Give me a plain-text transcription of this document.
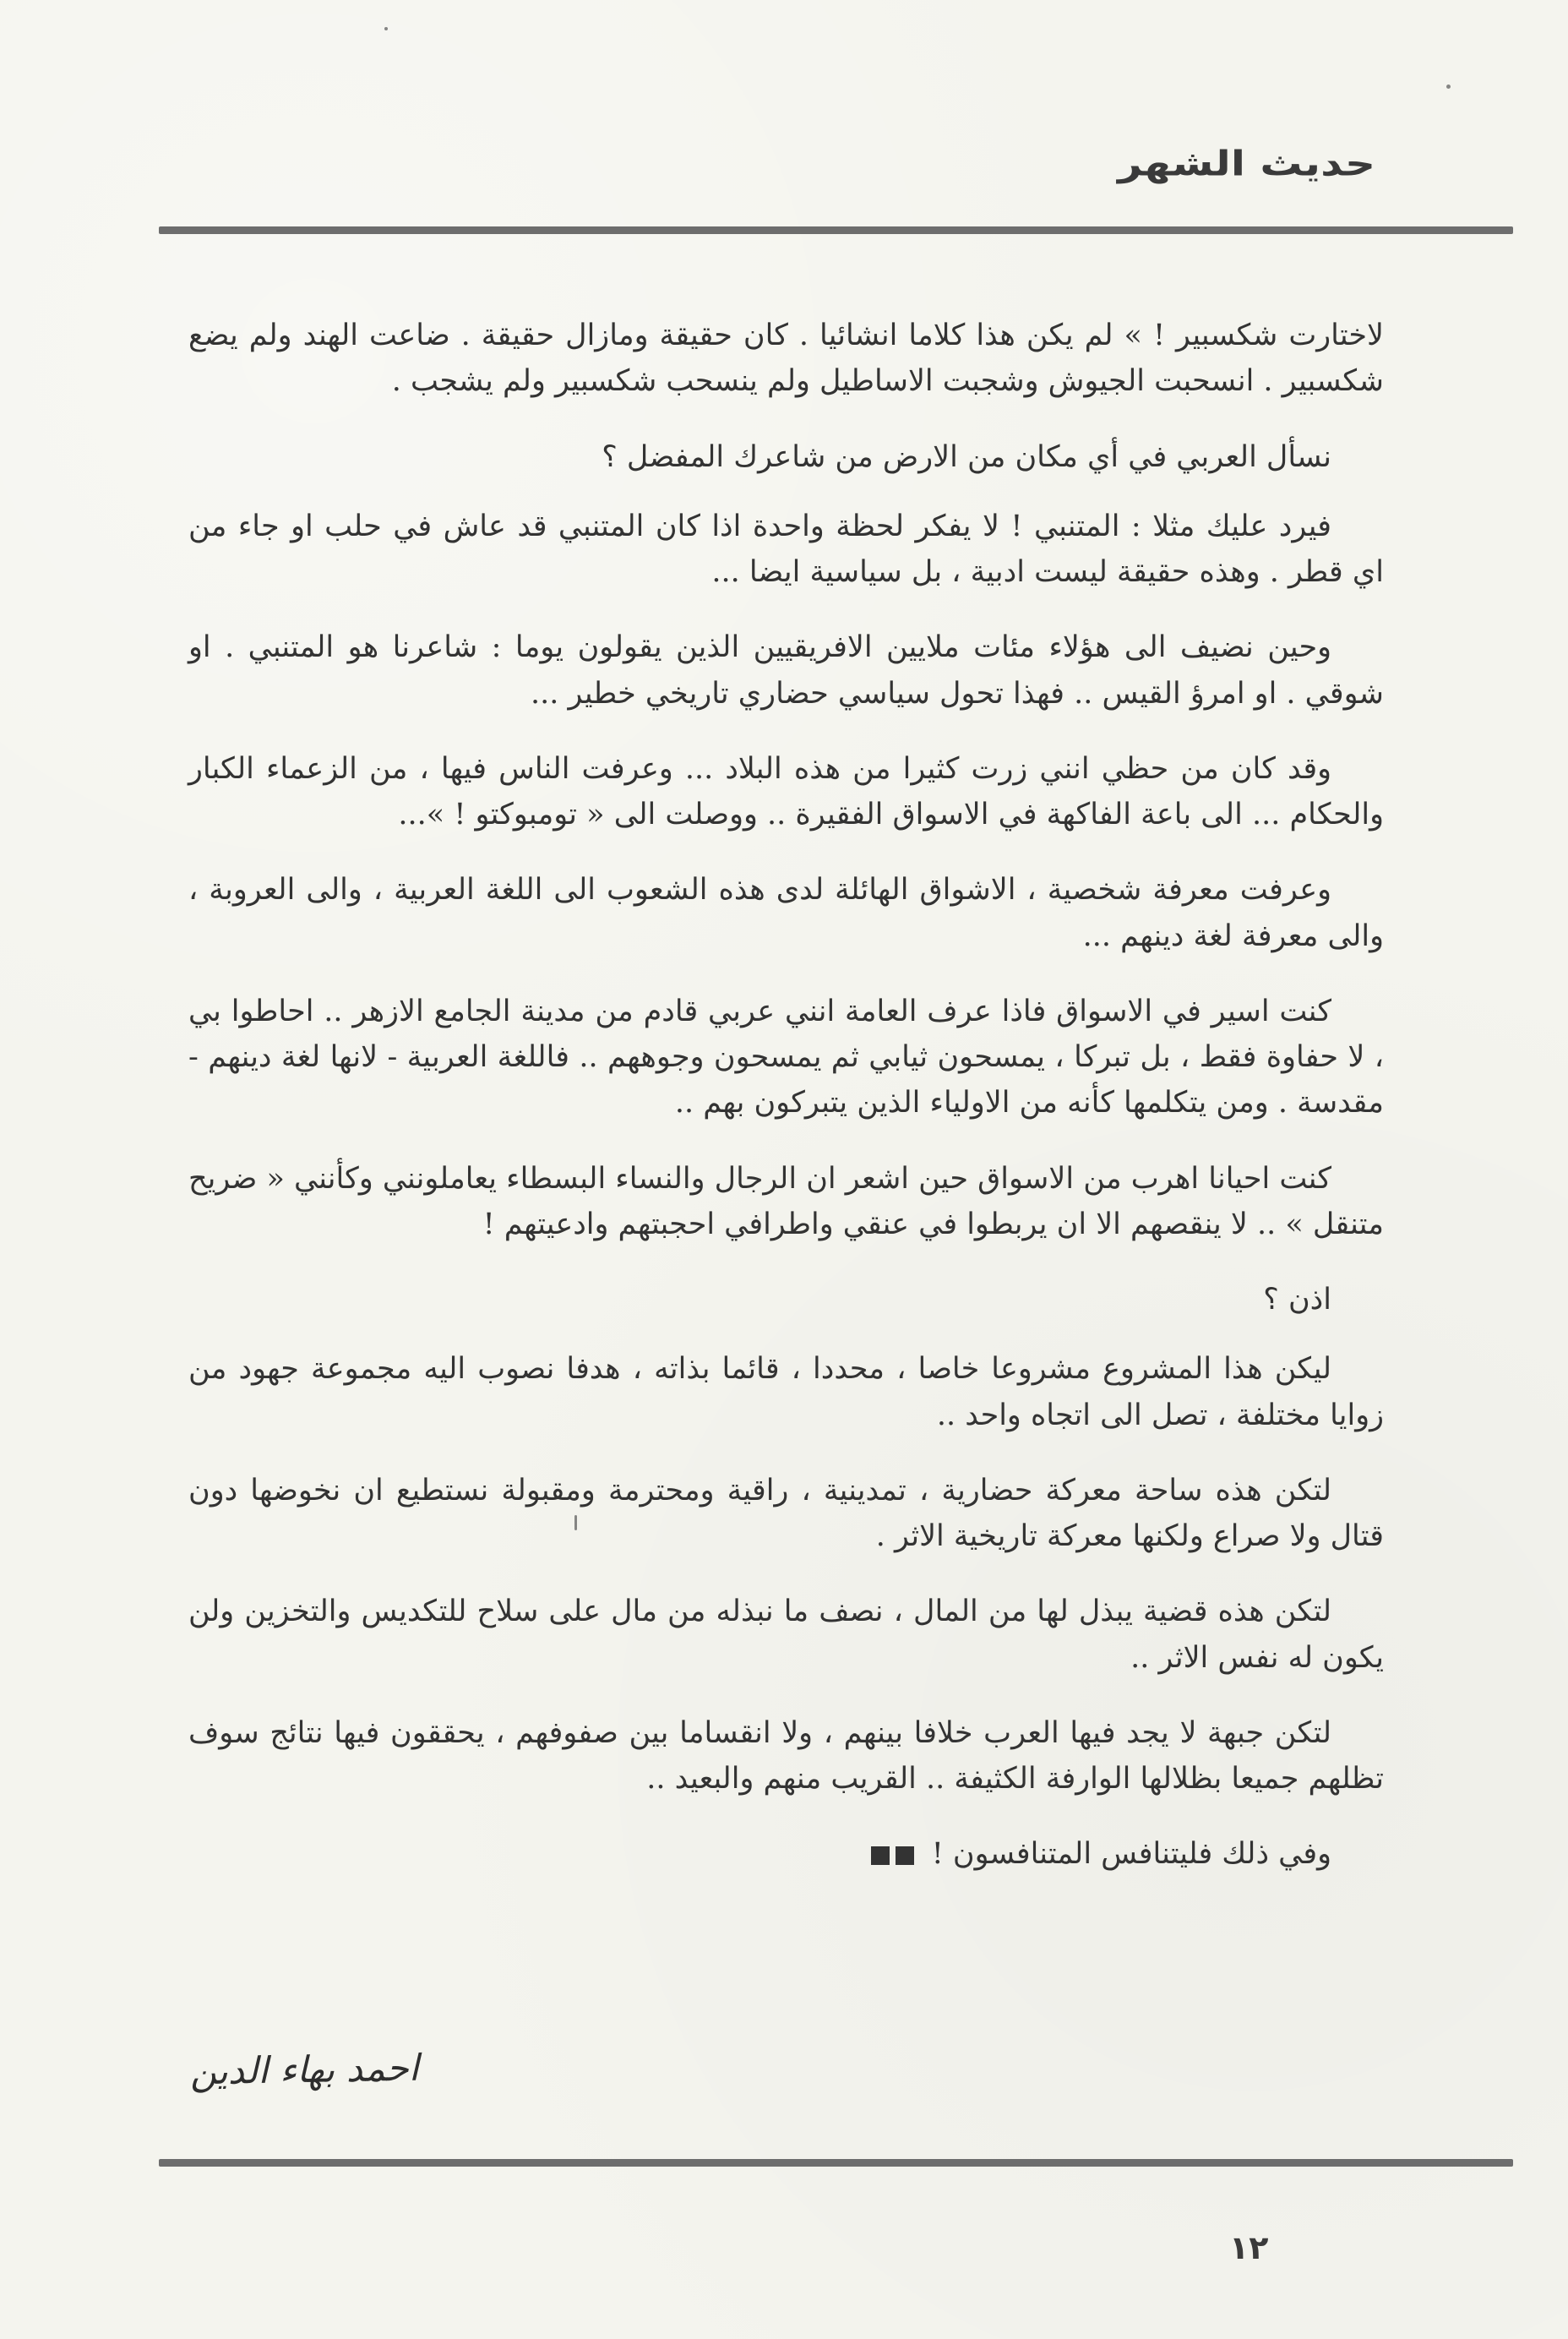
حديث الشهر

لاختارت شكسبير ! » لم يكن هذا كلاما انشائيا . كان حقيقة ومازال حقيقة . ضاعت الهند ولم يضع شكسبير . انسحبت الجيوش وشجبت الاساطيل ولم ينسحب شكسبير ولم يشجب .

نسأل العربي في أي مكان من الارض من شاعرك المفضل ؟

فيرد عليك مثلا : المتنبي ! لا يفكر لحظة واحدة اذا كان المتنبي قد عاش في حلب او جاء من اي قطر . وهذه حقيقة ليست ادبية ، بل سياسية ايضا ...

وحين نضيف الى هؤلاء مئات ملايين الافريقيين الذين يقولون يوما : شاعرنا هو المتنبي . او شوقي . او امرؤ القيس .. فهذا تحول سياسي حضاري تاريخي خطير ...

وقد كان من حظي انني زرت كثيرا من هذه البلاد ... وعرفت الناس فيها ، من الزعماء الكبار والحكام ... الى باعة الفاكهة في الاسواق الفقيرة .. ووصلت الى « تومبوكتو ! »...

وعرفت معرفة شخصية ، الاشواق الهائلة لدى هذه الشعوب الى اللغة العربية ، والى العروبة ، والى معرفة لغة دينهم ...

كنت اسير في الاسواق فاذا عرف العامة انني عربي قادم من مدينة الجامع الازهر .. احاطوا بي ، لا حفاوة فقط ، بل تبركا ، يمسحون ثيابي ثم يمسحون وجوههم .. فاللغة العربية - لانها لغة دينهم - مقدسة . ومن يتكلمها كأنه من الاولياء الذين يتبركون بهم ..

كنت احيانا اهرب من الاسواق حين اشعر ان الرجال والنساء البسطاء يعاملونني وكأنني « ضريح متنقل » .. لا ينقصهم الا ان يربطوا في عنقي واطرافي احجبتهم وادعيتهم !

اذن ؟

ليكن هذا المشروع مشروعا خاصا ، محددا ، قائما بذاته ، هدفا نصوب اليه مجموعة جهود من زوايا مختلفة ، تصل الى اتجاه واحد ..

لتكن هذه ساحة معركة حضارية ، تمدينية ، راقية ومحترمة ومقبولة نستطيع ان نخوضها دون قتال ولا صراع ولكنها معركة تاريخية الاثر .

لتكن هذه قضية يبذل لها من المال ، نصف ما نبذله من مال على سلاح للتكديس والتخزين ولن يكون له نفس الاثر ..

لتكن جبهة لا يجد فيها العرب خلافا بينهم ، ولا انقساما بين صفوفهم ، يحققون فيها نتائج سوف تظلهم جميعا بظلالها الوارفة الكثيفة .. القريب منهم والبعيد ..

وفي ذلك فليتنافس المتنافسون !

احمد بهاء الدين
١٢
